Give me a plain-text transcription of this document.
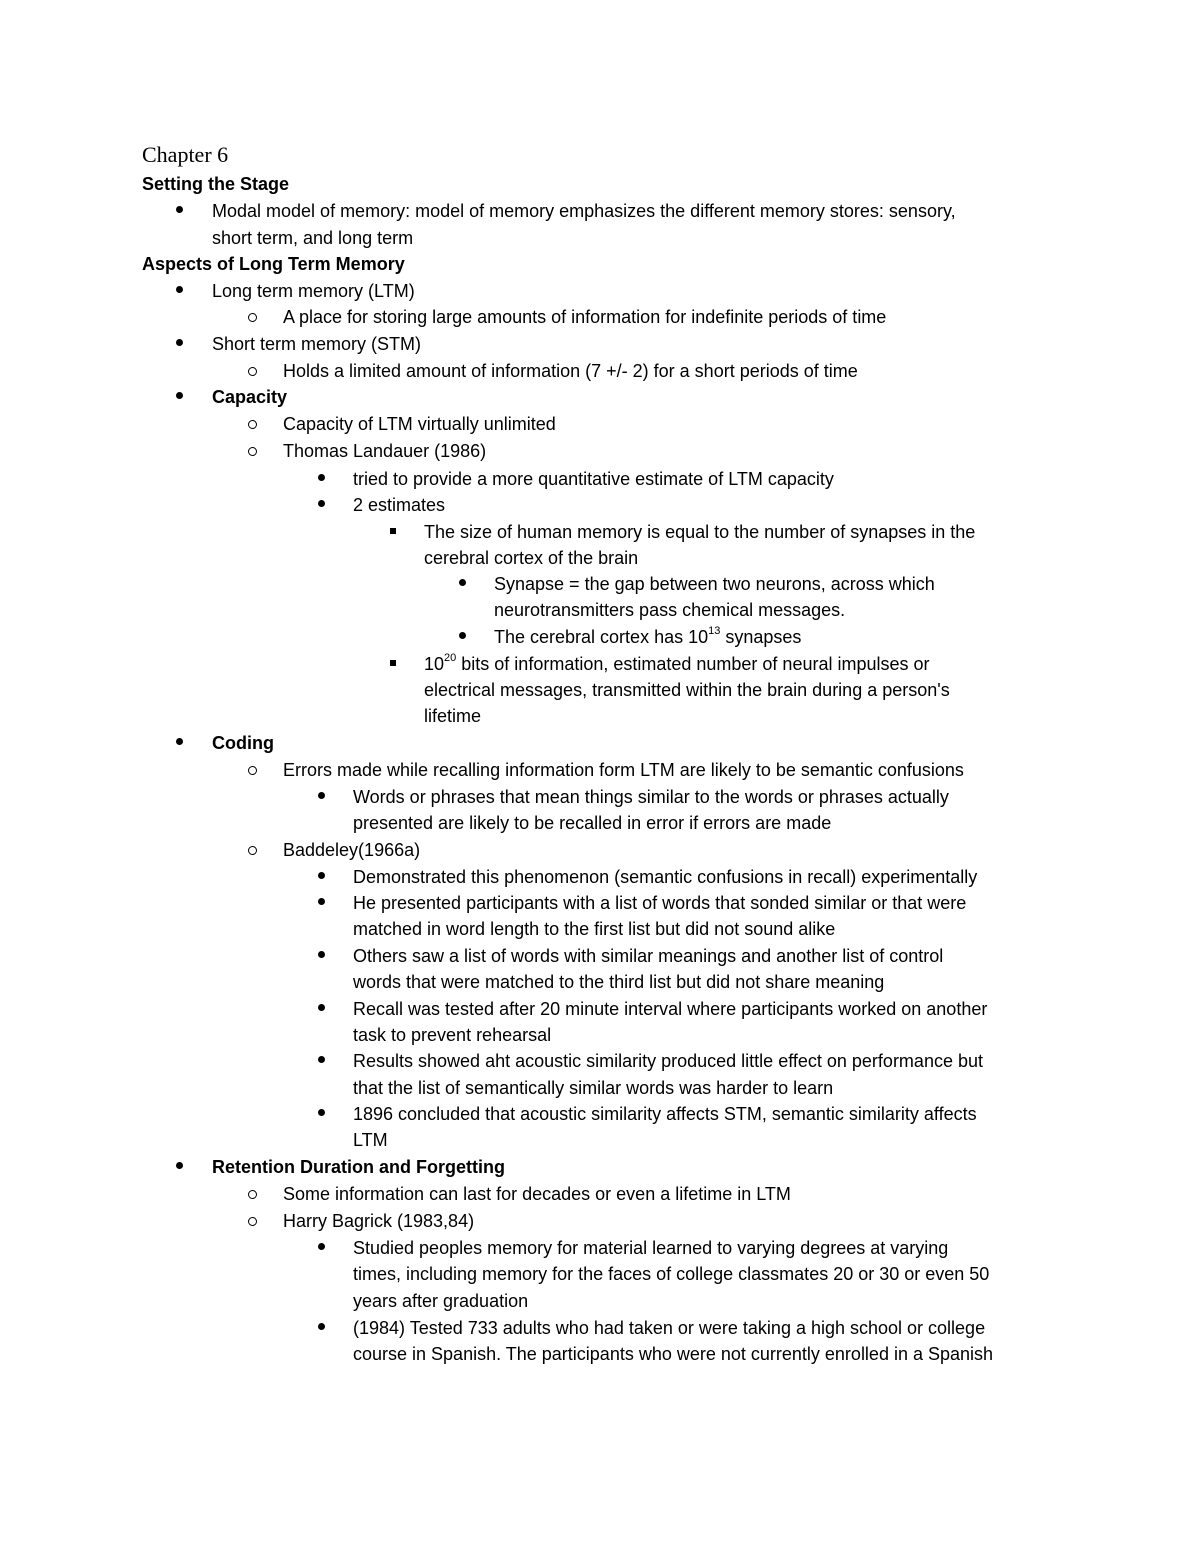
Chapter 6
Setting the Stage
Modal model of memory: model of memory emphasizes the different memory stores: sensory,
short term, and long term
Aspects of Long Term Memory
Long term memory (LTM)
A place for storing large amounts of information for indefinite periods of time
Short term memory (STM)
Holds a limited amount of information (7 +/- 2) for a short periods of time
Capacity
Capacity of LTM virtually unlimited
Thomas Landauer (1986)
tried to provide a more quantitative estimate of LTM capacity
2 estimates
The size of human memory is equal to the number of synapses in the
cerebral cortex of the brain
Synapse = the gap between two neurons, across which
neurotransmitters pass chemical messages.
The cerebral cortex has $10^{13}$ synapses
$10^{20}$ bits of information, estimated number of neural impulses or
electrical messages, transmitted within the brain during a person's
lifetime
Coding
Errors made while recalling information form LTM are likely to be semantic confusions
Words or phrases that mean things similar to the words or phrases actually
presented are likely to be recalled in error if errors are made
Baddeley(1966a)
Demonstrated this phenomenon (semantic confusions in recall) experimentally
He presented participants with a list of words that sonded similar or that were
matched in word length to the first list but did not sound alike
Others saw a list of words with similar meanings and another list of control
words that were matched to the third list but did not share meaning
Recall was tested after 20 minute interval where participants worked on another
task to prevent rehearsal
Results showed aht acoustic similarity produced little effect on performance but
that the list of semantically similar words was harder to learn
1896 concluded that acoustic similarity affects STM, semantic similarity affects
LTM
Retention Duration and Forgetting
Some information can last for decades or even a lifetime in LTM
Harry Bagrick (1983,84)
Studied peoples memory for material learned to varying degrees at varying
times, including memory for the faces of college classmates 20 or 30 or even 50
years after graduation
(1984) Tested 733 adults who had taken or were taking a high school or college
course in Spanish. The participants who were not currently enrolled in a Spanish
